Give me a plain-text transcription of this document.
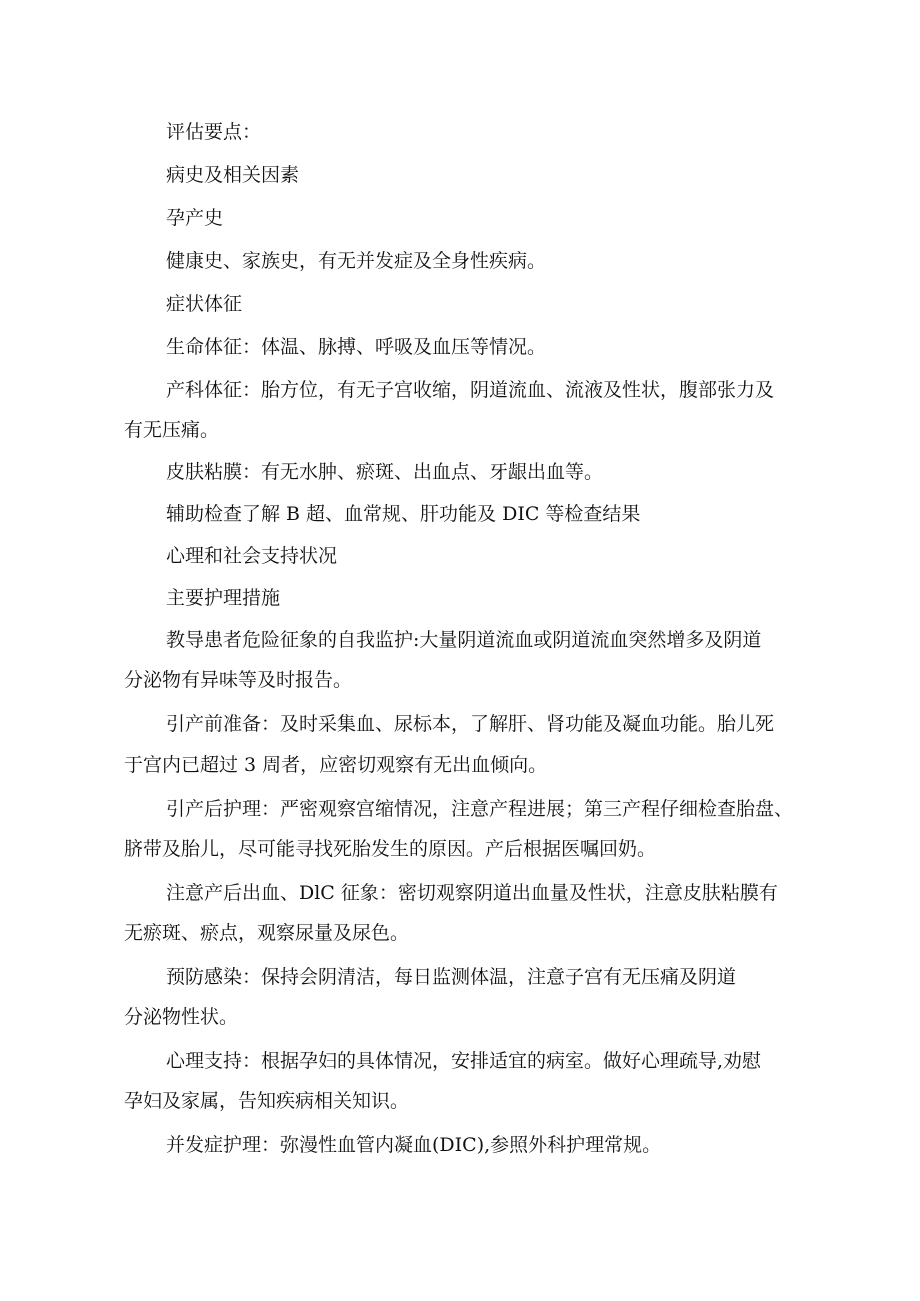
评估要点：
病史及相关因素
孕产史
健康史、家族史，有无并发症及全身性疾病。
症状体征
生命体征：体温、脉搏、呼吸及血压等情况。
产科体征：胎方位，有无子宫收缩，阴道流血、流液及性状，腹部张力及
有无压痛。
皮肤粘膜：有无水肿、瘀斑、出血点、牙龈出血等。
辅助检查了解 B 超、血常规、肝功能及 DIC 等检查结果
心理和社会支持状况
主要护理措施
教导患者危险征象的自我监护:大量阴道流血或阴道流血突然增多及阴道
分泌物有异味等及时报告。
引产前准备：及时采集血、尿标本，了解肝、肾功能及凝血功能。胎儿死
于宫内已超过 3 周者，应密切观察有无出血倾向。
引产后护理：严密观察宫缩情况，注意产程进展；第三产程仔细检查胎盘、
脐带及胎儿，尽可能寻找死胎发生的原因。产后根据医嘱回奶。
注意产后出血、DlC 征象：密切观察阴道出血量及性状，注意皮肤粘膜有
无瘀斑、瘀点，观察尿量及尿色。
预防感染：保持会阴清洁，每日监测体温，注意子宫有无压痛及阴道
分泌物性状。
心理支持：根据孕妇的具体情况，安排适宜的病室。做好心理疏导,劝慰
孕妇及家属，告知疾病相关知识。
并发症护理：弥漫性血管内凝血(DIC),参照外科护理常规。
